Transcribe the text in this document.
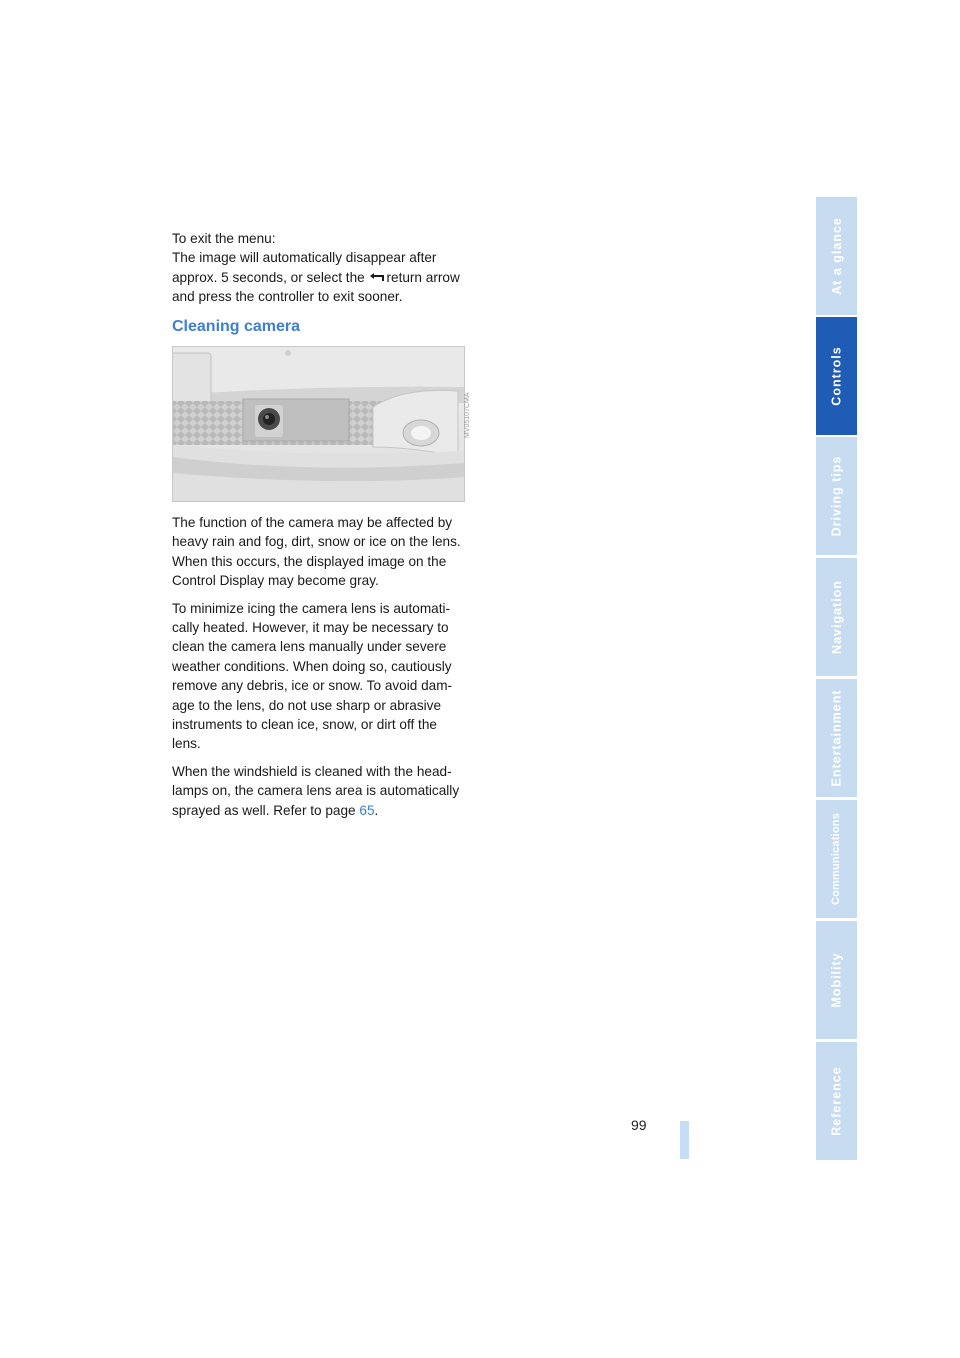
To exit the menu:

The image will automatically disappear after approx. 5 seconds, or select the return arrow and press the controller to exit sooner.

Cleaning camera
MV05107CMA

The function of the camera may be affected by heavy rain and fog, dirt, snow or ice on the lens. When this occurs, the displayed image on the Control Display may become gray.

To minimize icing the camera lens is automati-cally heated. However, it may be necessary to clean the camera lens manually under severe weather conditions. When doing so, cautiously remove any debris, ice or snow. To avoid dam-age to the lens, do not use sharp or abrasive instruments to clean ice, snow, or dirt off the lens.

When the windshield is cleaned with the head-lamps on, the camera lens area is automatically sprayed as well. Refer to page 65.

99
At a glance
Controls
Driving tips
Navigation
Entertainment
Communications
Mobility
Reference
